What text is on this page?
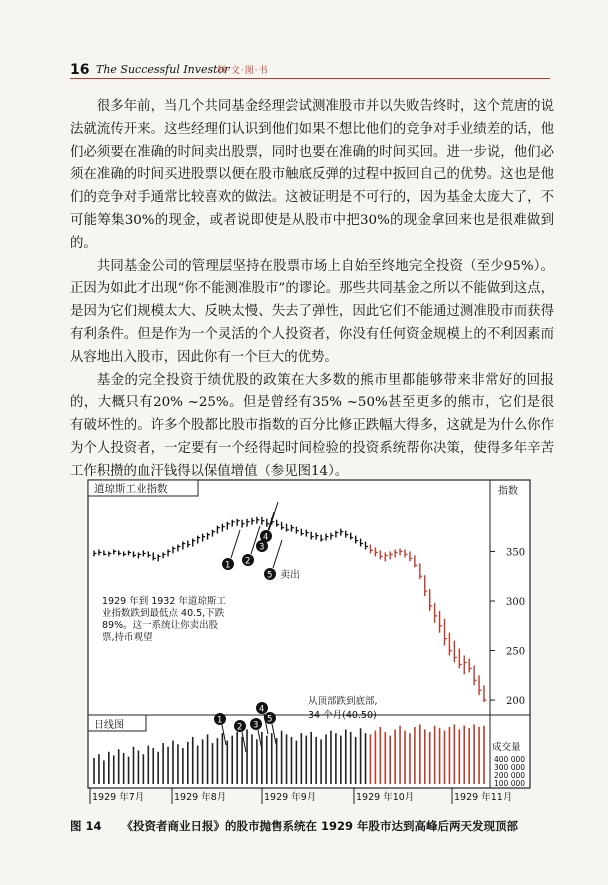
16 The Successful Investor
科·文·图·书

很多年前，当几个共同基金经理尝试测准股市并以失败告终时，这个荒唐的说法就流传开来。这些经理们认识到他们如果不想比他们的竞争对手业绩差的话，他们必须要在准确的时间卖出股票，同时也要在准确的时间买回。进一步说，他们必须在准确的时间买进股票以便在股市触底反弹的过程中扳回自己的优势。这也是他们的竞争对手通常比较喜欢的做法。这被证明是不可行的，因为基金太庞大了，不可能筹集30%的现金，或者说即使是从股市中把30%的现金拿回来也是很难做到的。

共同基金公司的管理层坚持在股票市场上自始至终地完全投资（至少95%）。正因为如此才出现“你不能测准股市”的谬论。那些共同基金之所以不能做到这点，是因为它们规模太大、反映太慢、失去了弹性，因此它们不能通过测准股市而获得有利条件。但是作为一个灵活的个人投资者，你没有任何资金规模上的不利因素而从容地出入股市，因此你有一个巨大的优势。

基金的完全投资于绩优股的政策在大多数的熊市里都能够带来非常好的回报的，大概只有20% ~25%。但是曾经有35% ~50%甚至更多的熊市，它们是很有破坏性的。许多个股都比股市指数的百分比修正跌幅大得多，这就是为什么你作为个人投资者，一定要有一个经得起时间检验的投资系统帮你决策，使得多年辛苦工作积攒的血汗钱得以保值增值（参见图14）。

道琼斯工业指数	指数
200
250
300
350
日线图
成交量
400 000
300 000
200 000
100 000
1929 年7月	1929 年8月	1929 年9月	1929 年10月	1929 年11月
1929 年到 1932 年道琼斯工
业指数跌到最低点 40.5,下跌
89%。这一系统让你卖出股
票,持币观望
从顶部跌到底部,
34 个月(40.50)
卖出
1 2
3
4
5
1
2 3
4
5
图 14 《投资者商业日报》的股市抛售系统在 1929 年股市达到高峰后两天发现顶部
